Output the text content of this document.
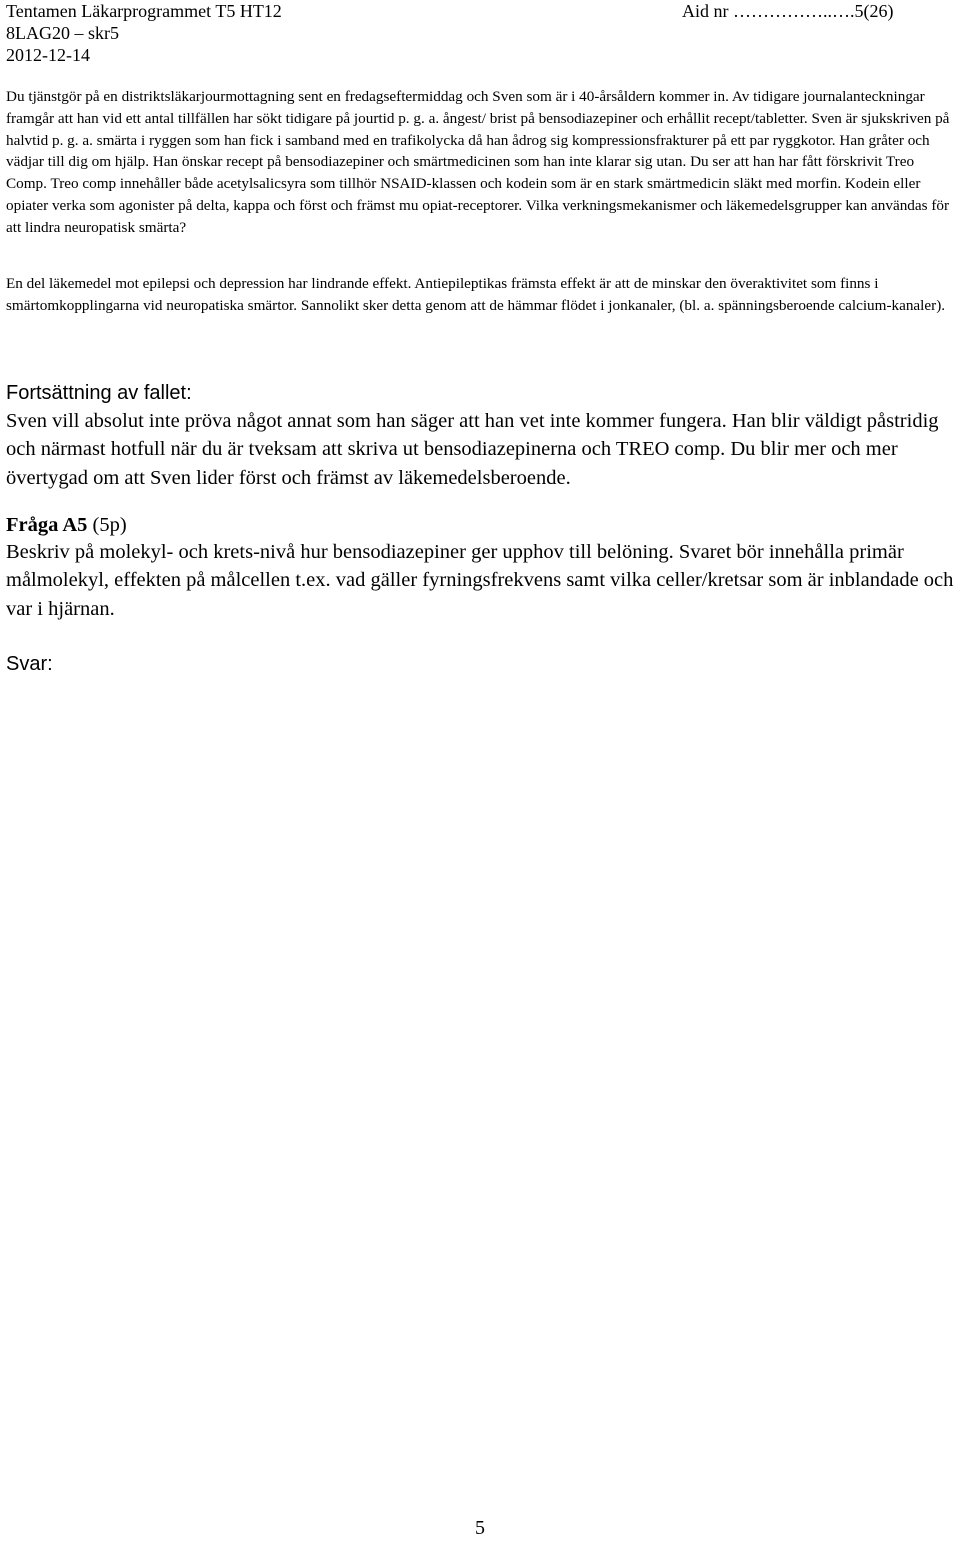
Tentamen Läkarprogrammet T5 HT12	Aid nr ……………..….5(26)
8LAG20 – skr5
2012-12-14

Du tjänstgör på en distriktsläkarjourmottagning sent en fredagseftermiddag och Sven som är i 40-årsåldern kommer in. Av tidigare journalanteckningar framgår att han vid ett antal tillfällen har sökt tidigare på jourtid p. g. a. ångest/ brist på bensodiazepiner och erhållit recept/tabletter. Sven är sjukskriven på halvtid p. g. a. smärta i ryggen som han fick i samband med en trafikolycka då han ådrog sig kompressionsfrakturer på ett par ryggkotor. Han gråter och vädjar till dig om hjälp. Han önskar recept på bensodiazepiner och smärtmedicinen som han inte klarar sig utan. Du ser att han har fått förskrivit Treo Comp. Treo comp innehåller både acetylsalicsyra som tillhör NSAID-klassen och kodein som är en stark smärtmedicin släkt med morfin. Kodein eller opiater verka som agonister på delta, kappa och först och främst mu opiat-receptorer. Vilka verkningsmekanismer och läkemedelsgrupper kan användas för att lindra neuropatisk smärta?

En del läkemedel mot epilepsi och depression har lindrande effekt. Antiepileptikas främsta effekt är att de minskar den överaktivitet som finns i smärtomkopplingarna vid neuropatiska smärtor. Sannolikt sker detta genom att de hämmar flödet i jonkanaler, (bl. a. spänningsberoende calcium-kanaler).

Fortsättning av fallet:

Sven vill absolut inte pröva något annat som han säger att han vet inte kommer fungera. Han blir väldigt påstridig och närmast hotfull när du är tveksam att skriva ut bensodiazepinerna och TREO comp. Du blir mer och mer övertygad om att Sven lider först och främst av läkemedelsberoende.

Fråga A5 (5p)

Beskriv på molekyl- och krets-nivå hur bensodiazepiner ger upphov till belöning. Svaret bör innehålla primär målmolekyl, effekten på målcellen t.ex. vad gäller fyrningsfrekvens samt vilka celler/kretsar som är inblandade och var i hjärnan.

Svar:

5
